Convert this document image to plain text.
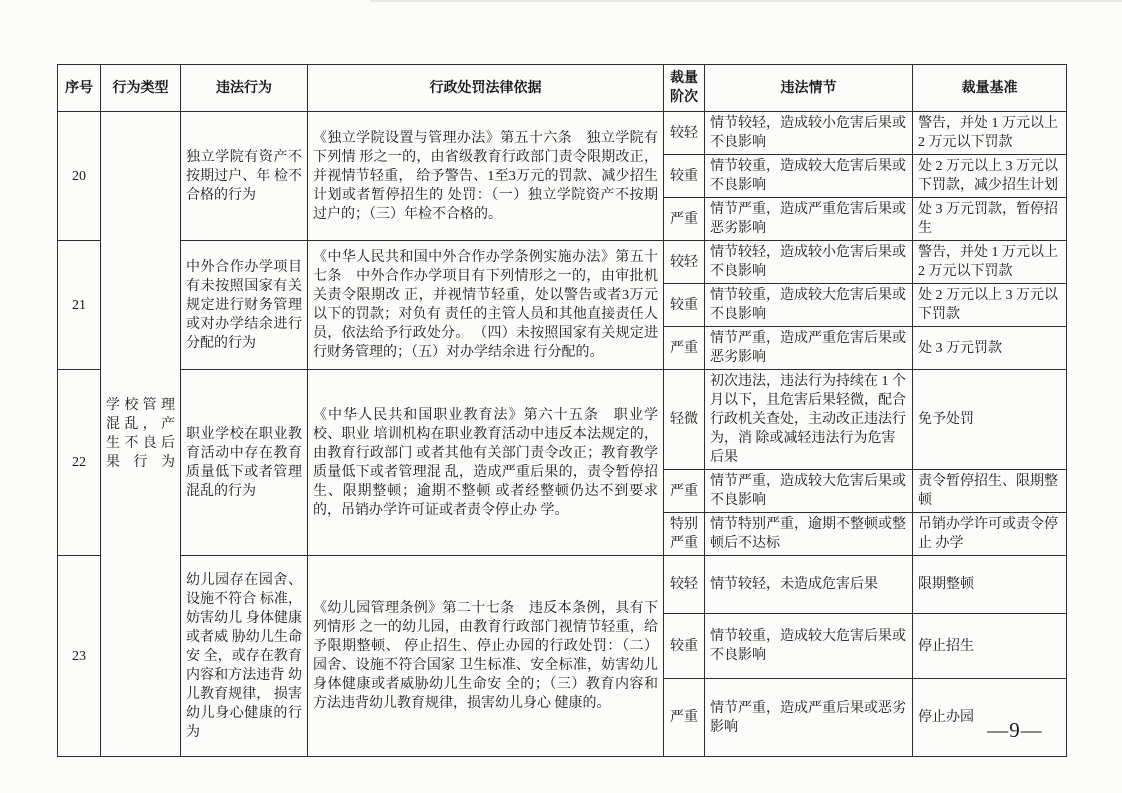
序号	行为类型	违法行为	行政处罚法律依据	裁量阶次	违法情节	裁量基准
20	学校管理混乱，产生不良后果行为	独立学院有资产不按期过户、年 检不合格的行为	《独立学院设置与管理办法》第五十六条　独立学院有下列情 形之一的，由省级教育行政部门责令限期改正，并视情节轻重， 给予警告、1至3万元的罚款、减少招生计划或者暂停招生的 处罚：（一）独立学院资产不按期过户的；（三）年检不合格的。	较轻	情节较轻，造成较小危害后果或不良影响	警告，并处 1 万元以上 2 万元以下罚款
				较重	情节较重，造成较大危害后果或不良影响	处 2 万元以上 3 万元以下罚款，减少招生计划
				严重	情节严重，造成严重危害后果或恶劣影响	处 3 万元罚款，暂停招生
21		中外合作办学项目有未按照国家有关规定进行财务管理或对办学结余进行分配的行为	《中华人民共和国中外合作办学条例实施办法》第五十七条　中外合作办学项目有下列情形之一的，由审批机关责令限期改 正，并视情节轻重，处以警告或者3万元以下的罚款；对负有 责任的主管人员和其他直接责任人员，依法给予行政处分。 （四）未按照国家有关规定进行财务管理的；（五）对办学结余进 行分配的。	较轻	情节较轻，造成较小危害后果或不良影响	警告，并处 1 万元以上 2 万元以下罚款
				较重	情节较重，造成较大危害后果或不良影响	处 2 万元以上 3 万元以下罚款
				严重	情节严重，造成严重危害后果或恶劣影响	处 3 万元罚款
22		职业学校在职业教育活动中存在教育质量低下或者管理混乱的行为	《中华人民共和国职业教育法》第六十五条　职业学校、职业 培训机构在职业教育活动中违反本法规定的，由教育行政部门 或者其他有关部门责令改正；教育教学质量低下或者管理混 乱，造成严重后果的，责令暂停招生、限期整顿；逾期不整顿 或者经整顿仍达不到要求的，吊销办学许可证或者责令停止办 学。	轻微	初次违法，违法行为持续在 1 个月以下，且危害后果轻微，配合行政机关查处，主动改正违法行为，消 除或减轻违法行为危害后果	免予处罚
				严重	情节严重，造成较大危害后果或不良影响	责令暂停招生、限期整顿
				特别严重	情节特别严重，逾期不整顿或整顿后不达标	吊销办学许可或责令停止 办学
23		幼儿园存在园舍、设施不符合 标准，妨害幼儿 身体健康或者威 胁幼儿生命安 全，或存在教育 内容和方法违背 幼儿教育规律， 损害幼儿身心健康的行为	《幼儿园管理条例》第二十七条　违反本条例，具有下列情形 之一的幼儿园，由教育行政部门视情节轻重，给予限期整顿、 停止招生、停止办园的行政处罚：（二）园舍、设施不符合国家 卫生标准、安全标准，妨害幼儿身体健康或者威胁幼儿生命安 全的；（三）教育内容和方法违背幼儿教育规律，损害幼儿身心 健康的。	较轻	情节较轻，未造成危害后果	限期整顿
				较重	情节较重，造成较大危害后果或不良影响	停止招生
				严重	情节严重，造成严重后果或恶劣影响	停止办园
—9—
